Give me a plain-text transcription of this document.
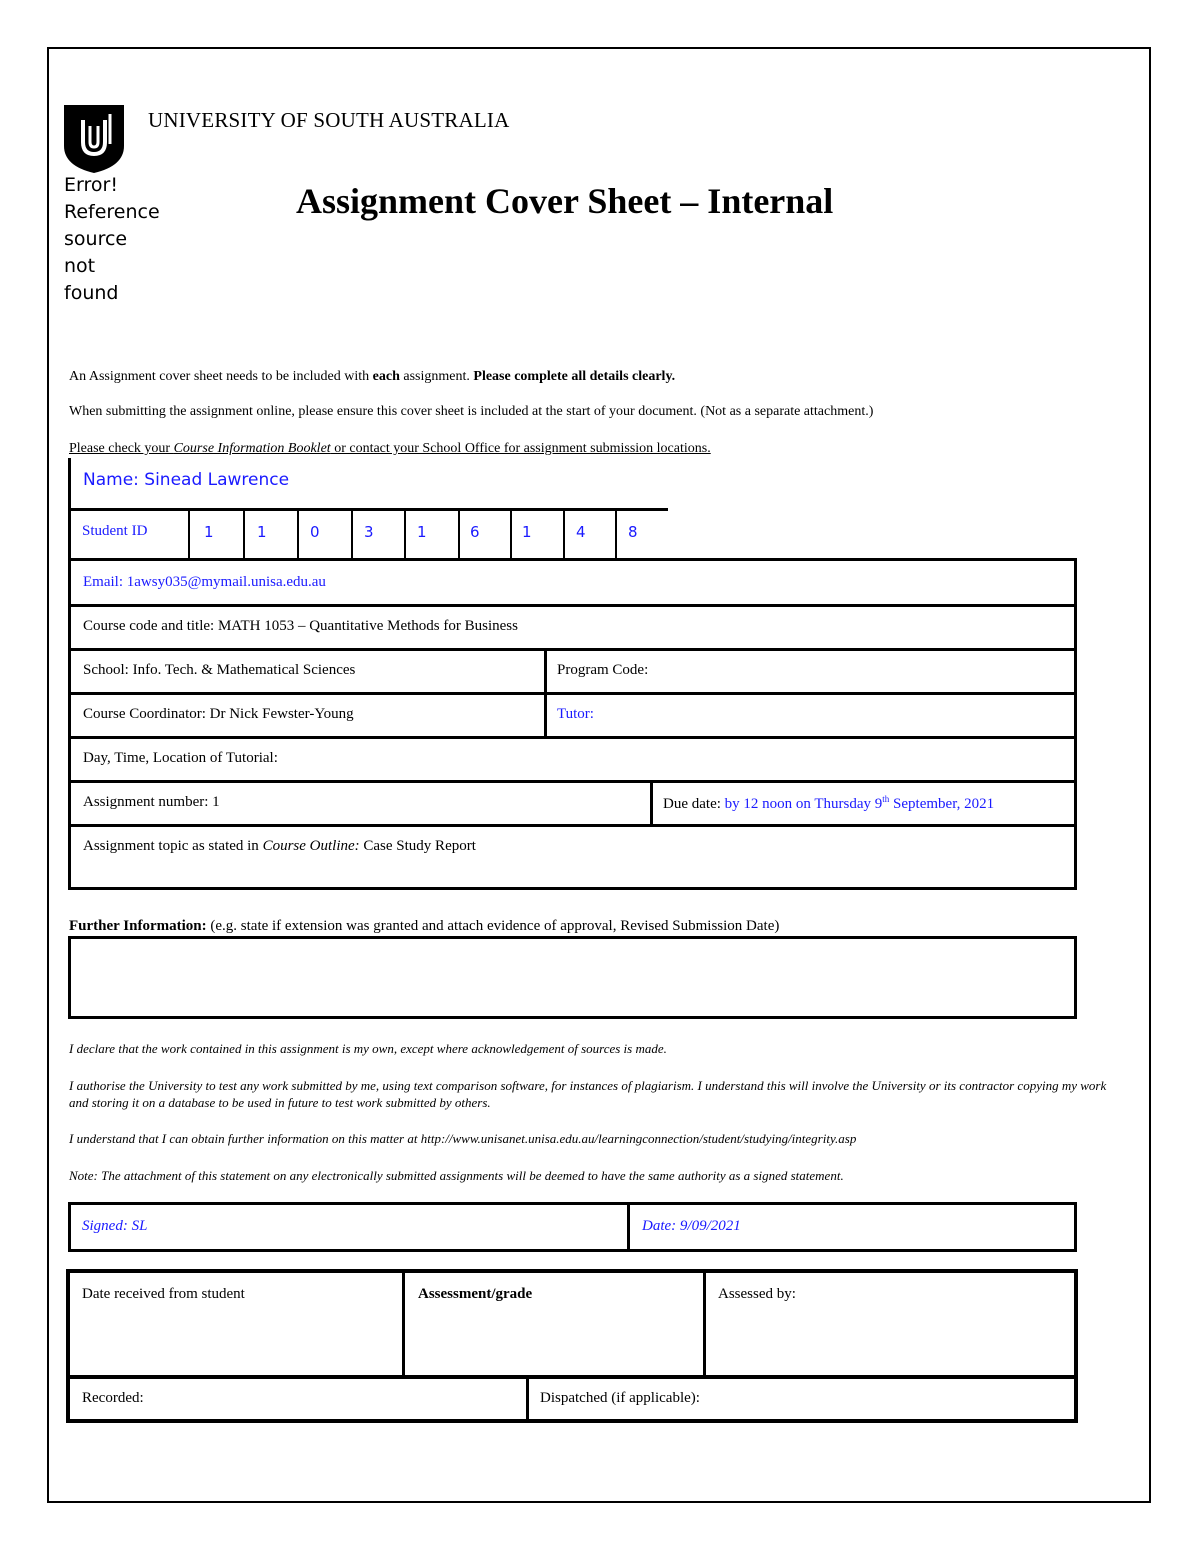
Error! Reference source not found
UNIVERSITY OF SOUTH AUSTRALIA
Assignment Cover Sheet – Internal
An Assignment cover sheet needs to be included with each assignment. Please complete all details clearly.
When submitting the assignment online, please ensure this cover sheet is included at the start of your document. (Not as a separate attachment.)
Please check your Course Information Booklet or contact your School Office for assignment submission locations.
Name: Sinead Lawrence
Student ID	1	1	0	3	1	6	1	4	8
Email: 1awsy035@mymail.unisa.edu.au
Course code and title: MATH 1053 – Quantitative Methods for Business
School: Info. Tech. & Mathematical Sciences	Program Code:
Course Coordinator: Dr Nick Fewster-Young	Tutor:
Day, Time, Location of Tutorial:
Assignment number: 1	Due date: by 12 noon on Thursday 9th September, 2021
Assignment topic as stated in Course Outline: Case Study Report
Further Information: (e.g. state if extension was granted and attach evidence of approval, Revised Submission Date)
I declare that the work contained in this assignment is my own, except where acknowledgement of sources is made.
I authorise the University to test any work submitted by me, using text comparison software, for instances of plagiarism. I understand this will involve the University or its contractor copying my work and storing it on a database to be used in future to test work submitted by others.
I understand that I can obtain further information on this matter at http://www.unisanet.unisa.edu.au/learningconnection/student/studying/integrity.asp
Note: The attachment of this statement on any electronically submitted assignments will be deemed to have the same authority as a signed statement.
Signed: SL	Date: 9/09/2021
Date received from student	Assessment/grade	Assessed by:
Recorded:	Dispatched (if applicable):
